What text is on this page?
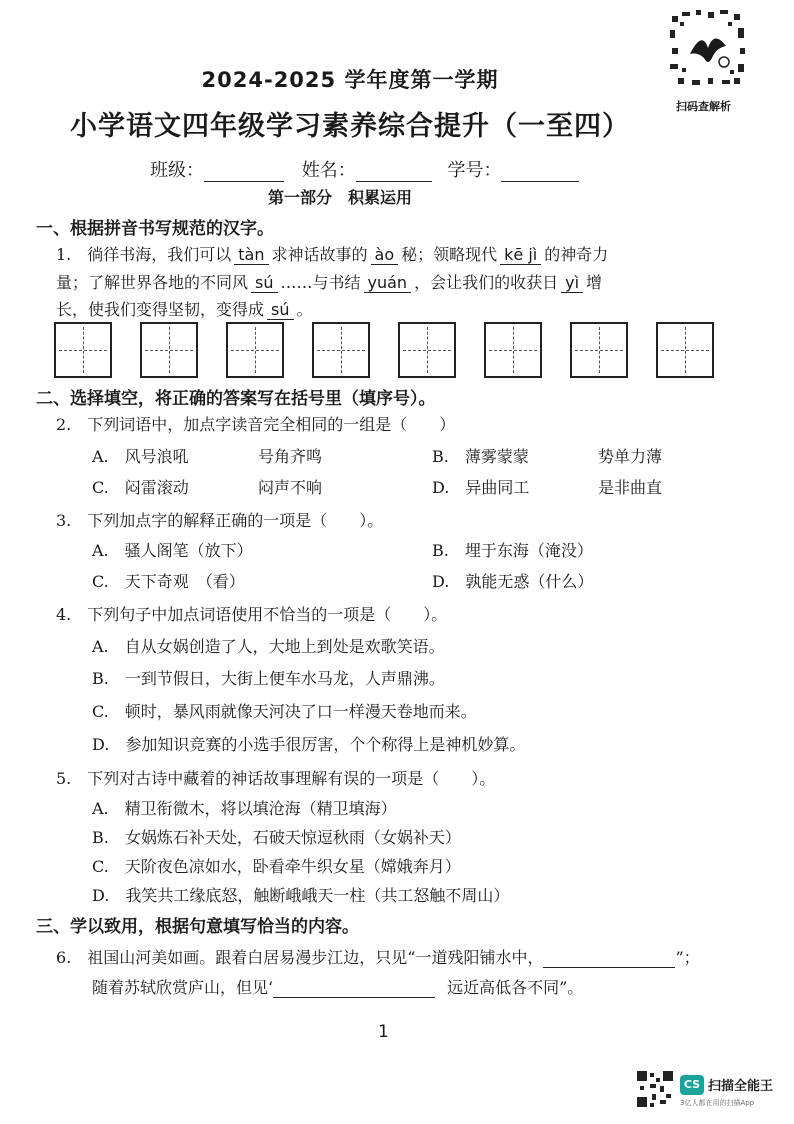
扫码查解析
2024-2025 学年度第一学期
小学语文四年级学习素养综合提升（一至四）
班级：	姓名：	学号：
第一部分　积累运用
一、根据拼音书写规范的汉字。
1.　徜徉书海，我们可以 tàn 求神话故事的 ào 秘；领略现代 kē jì 的神奇力
量；了解世界各地的不同风 sú ……与书结 yuán ，会让我们的收获日 yì 增
长，使我们变得坚韧，变得成 sú 。
二、选择填空，将正确的答案写在括号里（填序号）。
2.　下列词语中，加点字读音完全相同的一组是（　　）
A.　风号浪吼	号角齐鸣	B.　薄雾蒙蒙	势单力薄
C.　闷雷滚动	闷声不响	D.　异曲同工	是非曲直
3.　下列加点字的解释正确的一项是（　　）。
A.　骚人阁笔（放下）	B.　埋于东海（淹没）
C.　天下奇观　（看）	D.　孰能无惑（什么）
4.　下列句子中加点词语使用不恰当的一项是（　　）。
A.　自从女娲创造了人，大地上到处是欢歌笑语。
B.　一到节假日，大街上便车水马龙，人声鼎沸。
C.　顿时，暴风雨就像天河决了口一样漫天卷地而来。
D.　参加知识竞赛的小选手很厉害，个个称得上是神机妙算。
5.　下列对古诗中藏着的神话故事理解有误的一项是（　　）。
A.　精卫衔微木，将以填沧海（精卫填海）
B.　女娲炼石补天处，石破天惊逗秋雨（女娲补天）
C.　天阶夜色凉如水，卧看牵牛织女星（嫦娥奔月）
D.　我笑共工缘底怒，触断峨峨天一柱（共工怒触不周山）
三、学以致用，根据句意填写恰当的内容。
6.　祖国山河美如画。跟着白居易漫步江边，只见“一道残阳铺水中，	”；
随着苏轼欣赏庐山，但见‘	远近高低各不同”。
1
CS 扫描全能王
3亿人都在用的扫描App
